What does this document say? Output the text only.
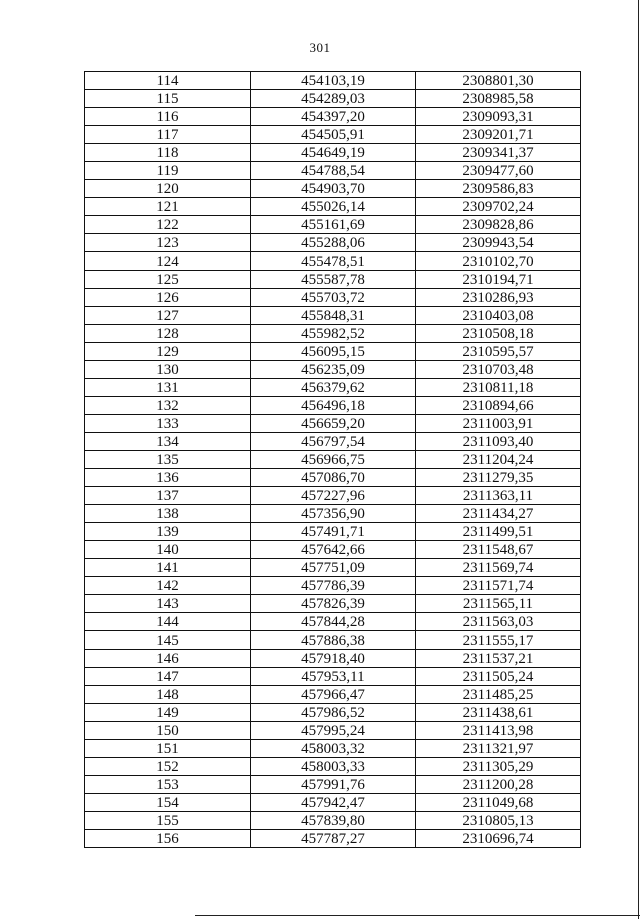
301
114	454103,19	2308801,30
115	454289,03	2308985,58
116	454397,20	2309093,31
117	454505,91	2309201,71
118	454649,19	2309341,37
119	454788,54	2309477,60
120	454903,70	2309586,83
121	455026,14	2309702,24
122	455161,69	2309828,86
123	455288,06	2309943,54
124	455478,51	2310102,70
125	455587,78	2310194,71
126	455703,72	2310286,93
127	455848,31	2310403,08
128	455982,52	2310508,18
129	456095,15	2310595,57
130	456235,09	2310703,48
131	456379,62	2310811,18
132	456496,18	2310894,66
133	456659,20	2311003,91
134	456797,54	2311093,40
135	456966,75	2311204,24
136	457086,70	2311279,35
137	457227,96	2311363,11
138	457356,90	2311434,27
139	457491,71	2311499,51
140	457642,66	2311548,67
141	457751,09	2311569,74
142	457786,39	2311571,74
143	457826,39	2311565,11
144	457844,28	2311563,03
145	457886,38	2311555,17
146	457918,40	2311537,21
147	457953,11	2311505,24
148	457966,47	2311485,25
149	457986,52	2311438,61
150	457995,24	2311413,98
151	458003,32	2311321,97
152	458003,33	2311305,29
153	457991,76	2311200,28
154	457942,47	2311049,68
155	457839,80	2310805,13
156	457787,27	2310696,74
